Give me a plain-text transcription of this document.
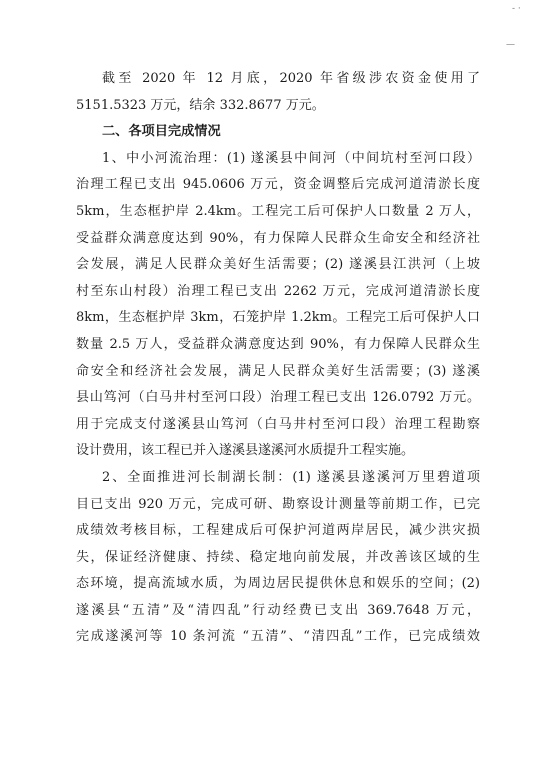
- ·
—
截至 2020 年 12 月底，2020 年省级涉农资金使用了
5151.5323 万元，结余 332.8677 万元。
二、各项目完成情况
1、中小河流治理：(1) 遂溪县中间河（中间坑村至河口段）
治理工程已支出 945.0606 万元，资金调整后完成河道清淤长度
5km，生态框护岸 2.4km。工程完工后可保护人口数量 2 万人，
受益群众满意度达到 90%，有力保障人民群众生命安全和经济社
会发展，满足人民群众美好生活需要；(2) 遂溪县江洪河（上坡
村至东山村段）治理工程已支出 2262 万元，完成河道清淤长度
8km，生态框护岸 3km，石笼护岸 1.2km。工程完工后可保护人口
数量 2.5 万人，受益群众满意度达到 90%，有力保障人民群众生
命安全和经济社会发展，满足人民群众美好生活需要；(3) 遂溪
县山笃河（白马井村至河口段）治理工程已支出 126.0792 万元。
用于完成支付遂溪县山笃河（白马井村至河口段）治理工程勘察
设计费用，该工程已并入遂溪县遂溪河水质提升工程实施。
2、全面推进河长制湖长制：(1) 遂溪县遂溪河万里碧道项
目已支出 920 万元，完成可研、勘察设计测量等前期工作，已完
成绩效考核目标，工程建成后可保护河道两岸居民，减少洪灾损
失，保证经济健康、持续、稳定地向前发展，并改善该区域的生
态环境，提高流域水质，为周边居民提供休息和娱乐的空间；(2)
遂溪县“五清”及“清四乱”行动经费已支出 369.7648 万元，
完成遂溪河等 10 条河流 “五清”、“清四乱”工作，已完成绩效
